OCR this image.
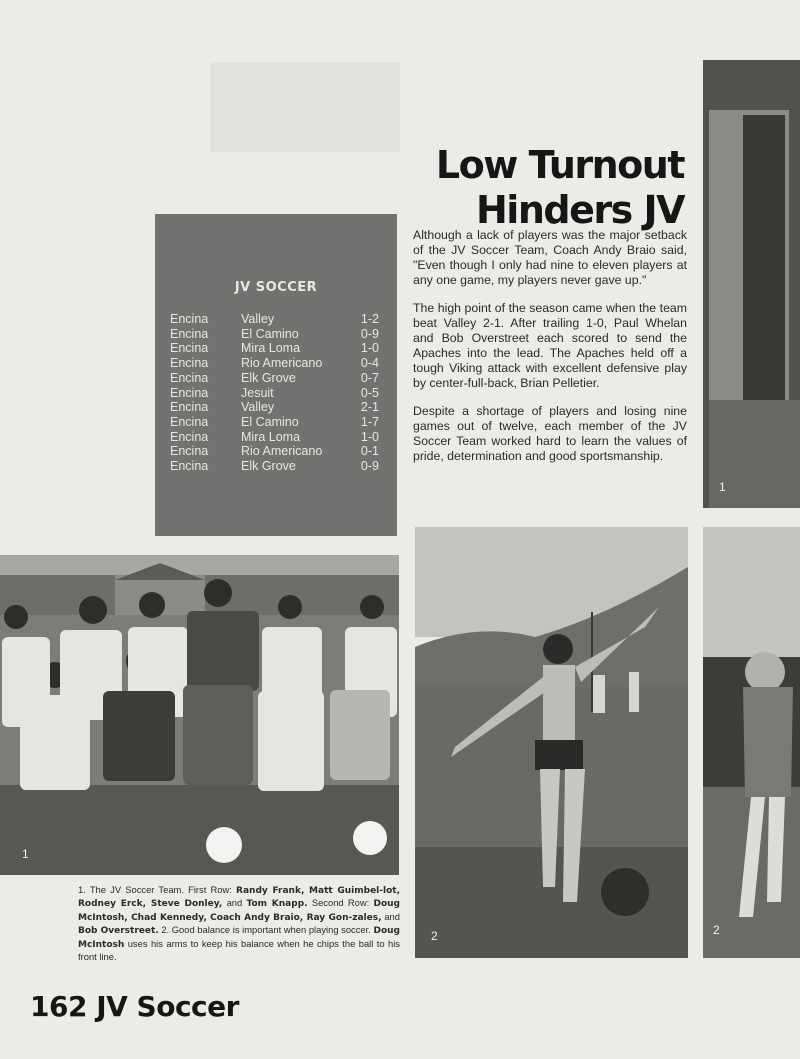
Low Turnout
Hinders JV

Although a lack of players was the major setback of the JV Soccer Team, Coach Andy Braio said, "Even though I only had nine to eleven players at any one game, my players never gave up."

The high point of the season came when the team beat Valley 2-1. After trailing 1-0, Paul Whelan and Bob Overstreet each scored to send the Apaches into the lead. The Apaches held off a tough Viking attack with excellent defensive play by center-full-back, Brian Pelletier.

Despite a shortage of players and losing nine games out of twelve, each member of the JV Soccer Team worked hard to learn the values of pride, determination and good sportsmanship.

JV SOCCER
Encina	Valley	1-2
Encina	El Camino	0-9
Encina	Mira Loma	1-0
Encina	Rio Americano	0-4
Encina	Elk Grove	0-7
Encina	Jesuit	0-5
Encina	Valley	2-1
Encina	El Camino	1-7
Encina	Mira Loma	1-0
Encina	Rio Americano	0-1
Encina	Elk Grove	0-9
1
2
1
2
1. The JV Soccer Team. First Row: Randy Frank, Matt Guimbel-lot, Rodney Erck, Steve Donley, and Tom Knapp. Second Row: Doug McIntosh, Chad Kennedy, Coach Andy Braio, Ray Gon-zales, and Bob Overstreet. 2. Good balance is important when playing soccer. Doug McIntosh uses his arms to keep his balance when he chips the ball to his front line.
162 JV Soccer
